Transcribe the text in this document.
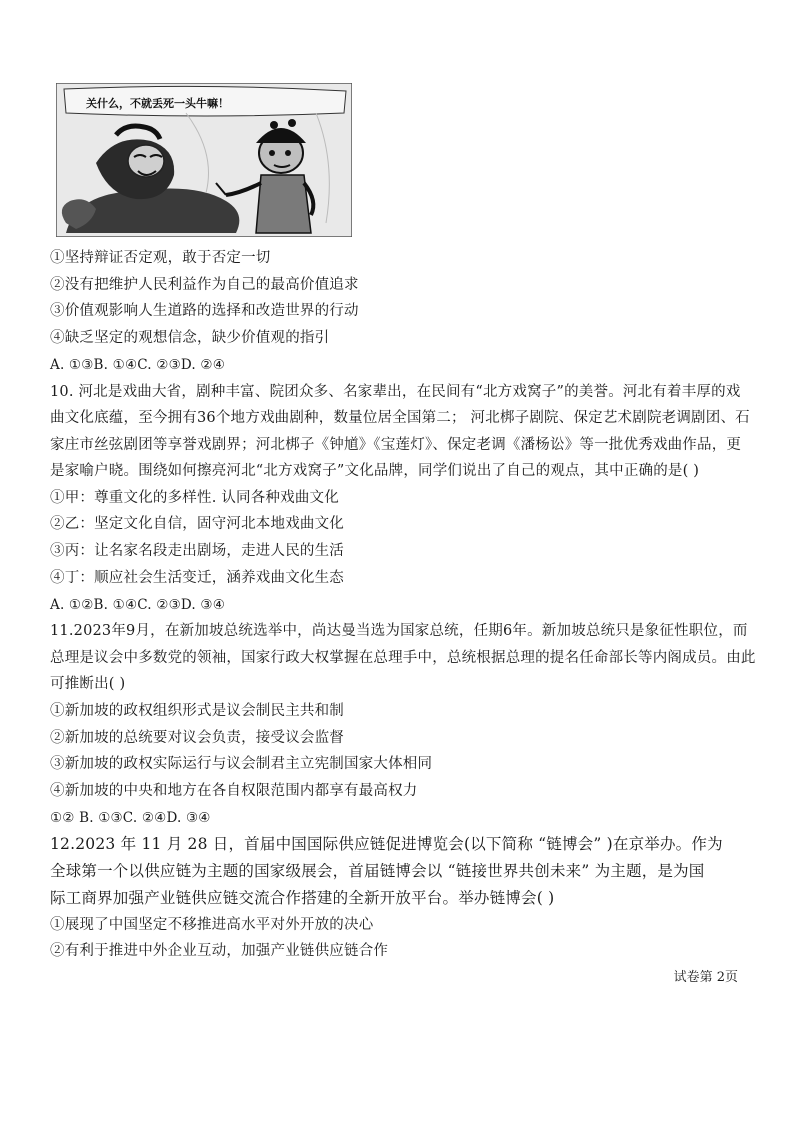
关什么，不就丢死一头牛嘛！
①坚持辩证否定观，敢于否定一切
②没有把维护人民利益作为自己的最高价值追求
③价值观影响人生道路的选择和改造世界的行动
④缺乏坚定的观想信念，缺少价值观的指引
A. ①③B. ①④C. ②③D. ②④
10. 河北是戏曲大省，剧种丰富、院团众多、名家辈出，在民间有“北方戏窝子”的美誉。河北有着丰厚的戏
曲文化底蕴，至今拥有36个地方戏曲剧种，数量位居全国第二； 河北梆子剧院、保定艺术剧院老调剧团、石
家庄市丝弦剧团等享誉戏剧界；河北梆子《钟馗》《宝莲灯》、保定老调《潘杨讼》等一批优秀戏曲作品，更
是家喻户晓。围绕如何擦亮河北“北方戏窝子”文化品牌，同学们说出了自己的观点，其中正确的是( )
①甲：尊重文化的多样性. 认同各种戏曲文化
②乙：坚定文化自信，固守河北本地戏曲文化
③丙：让名家名段走出剧场，走进人民的生活
④丁：顺应社会生活变迁，涵养戏曲文化生态
A. ①②B. ①④C. ②③D. ③④
11.2023年9月，在新加坡总统选举中，尚达曼当选为国家总统，任期6年。新加坡总统只是象征性职位，而
总理是议会中多数党的领袖，国家行政大权掌握在总理手中，总统根据总理的提名任命部长等内阁成员。由此
可推断出( )
①新加坡的政权组织形式是议会制民主共和制
②新加坡的总统要对议会负责，接受议会监督
③新加坡的政权实际运行与议会制君主立宪制国家大体相同
④新加坡的中央和地方在各自权限范围内都享有最高权力
①② B. ①③C. ②④D. ③④
12.2023 年 11 月 28 日，首届中国国际供应链促进博览会(以下简称 “链博会” )在京举办。作为
全球第一个以供应链为主题的国家级展会，首届链博会以 “链接世界共创未来” 为主题，是为国
际工商界加强产业链供应链交流合作搭建的全新开放平台。举办链博会( )
①展现了中国坚定不移推进高水平对外开放的决心
②有利于推进中外企业互动，加强产业链供应链合作
试卷第 2页
